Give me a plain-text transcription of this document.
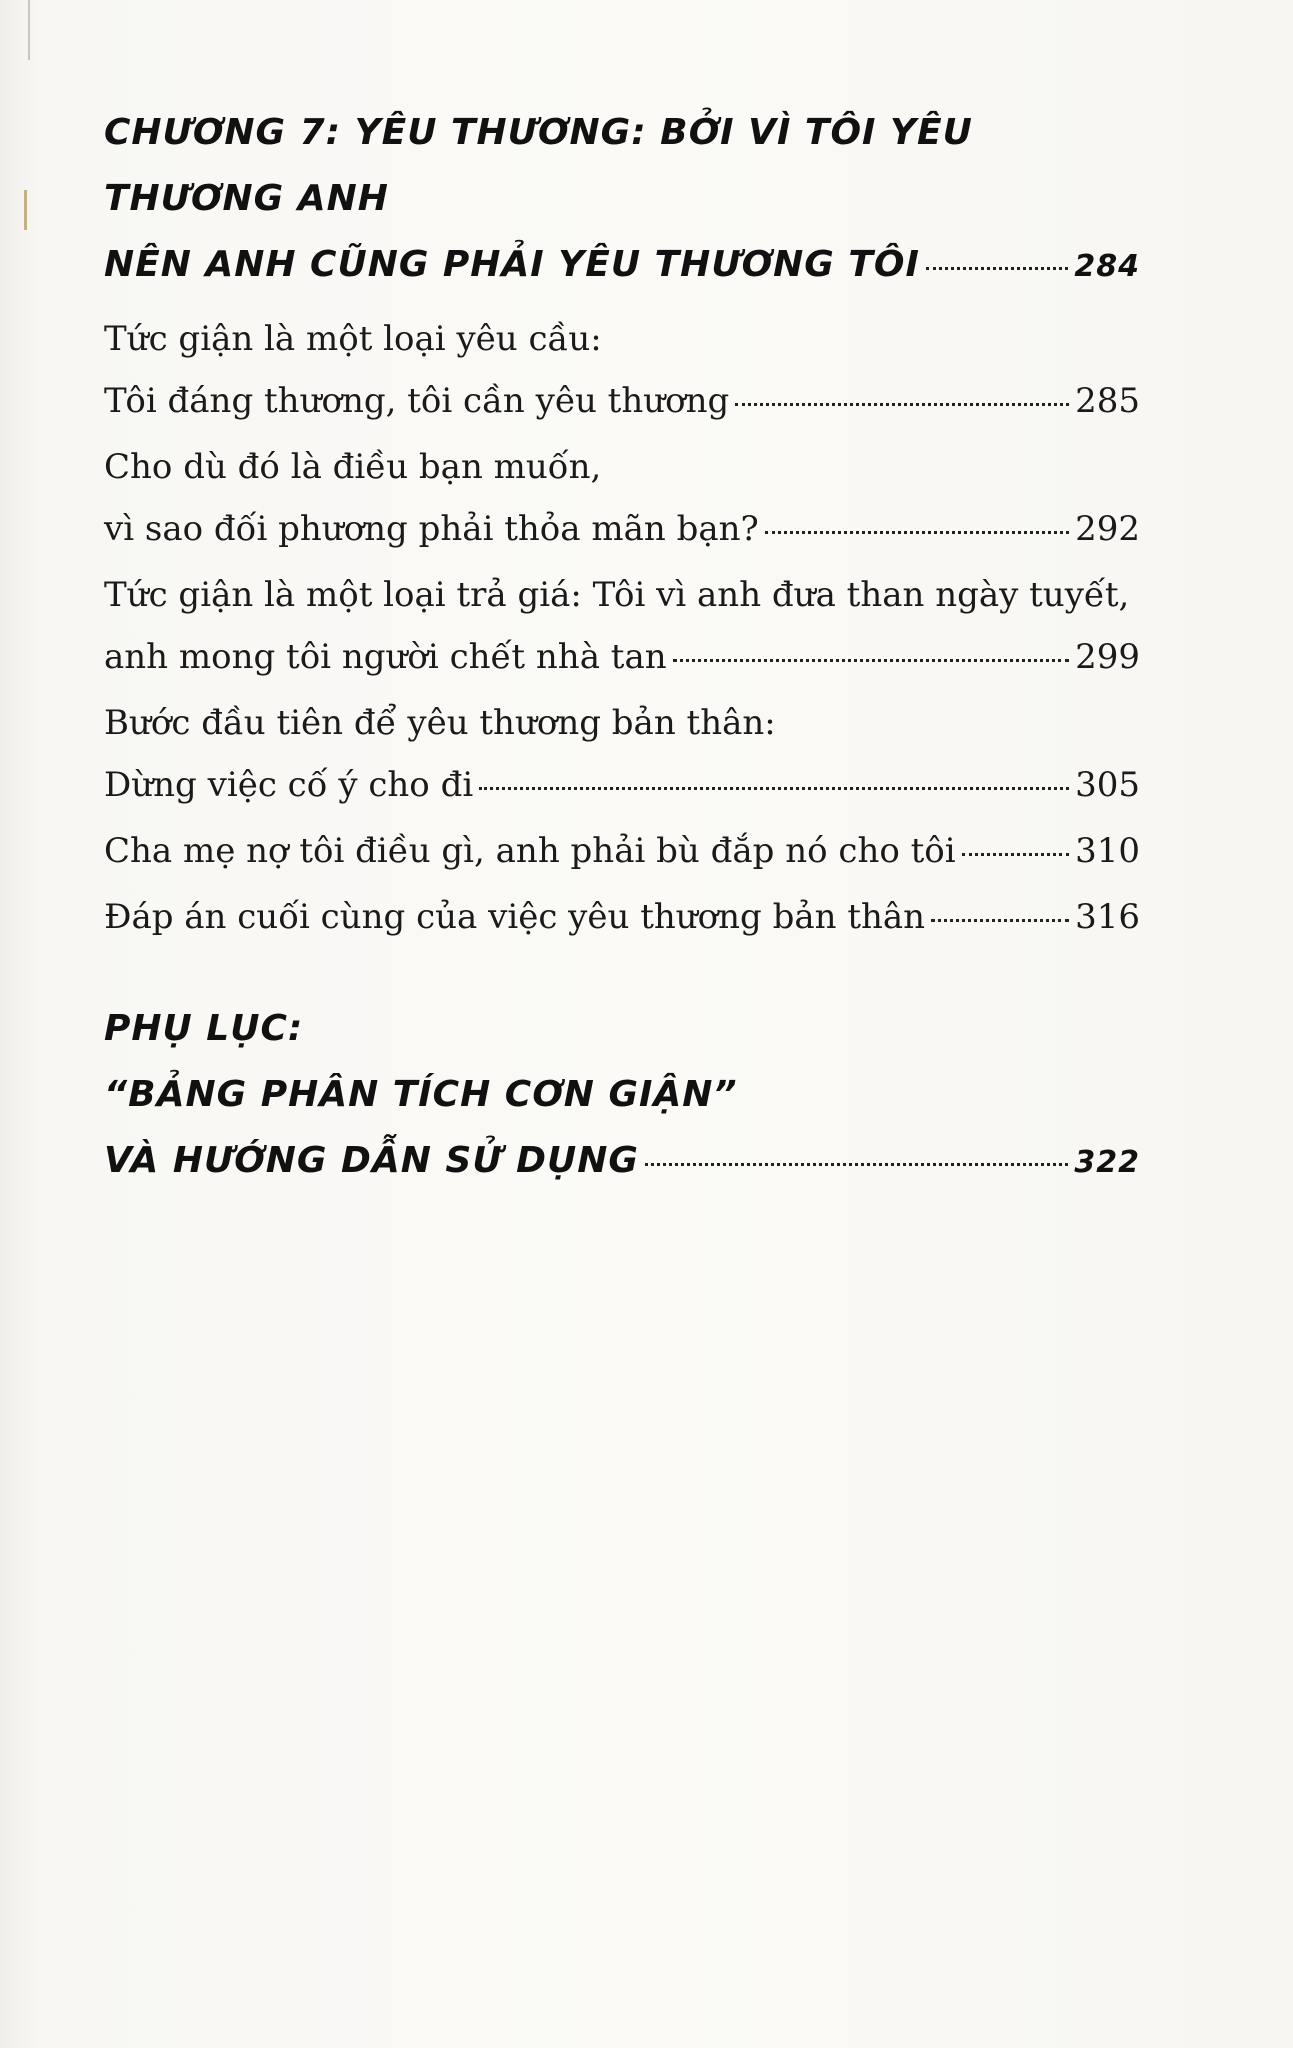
CHƯƠNG 7: YÊU THƯƠNG: BỞI VÌ TÔI YÊU THƯƠNG ANH
NÊN ANH CŨNG PHẢI YÊU THƯƠNG TÔI	284
Tức giận là một loại yêu cầu:
Tôi đáng thương, tôi cần yêu thương	285
Cho dù đó là điều bạn muốn,
vì sao đối phương phải thỏa mãn bạn?	292
Tức giận là một loại trả giá: Tôi vì anh đưa than ngày tuyết,
anh mong tôi người chết nhà tan	299
Bước đầu tiên để yêu thương bản thân:
Dừng việc cố ý cho đi	305
Cha mẹ nợ tôi điều gì, anh phải bù đắp nó cho tôi	310
Đáp án cuối cùng của việc yêu thương bản thân	316
PHỤ LỤC:
“BẢNG PHÂN TÍCH CƠN GIẬN”
VÀ HƯỚNG DẪN SỬ DỤNG	322
